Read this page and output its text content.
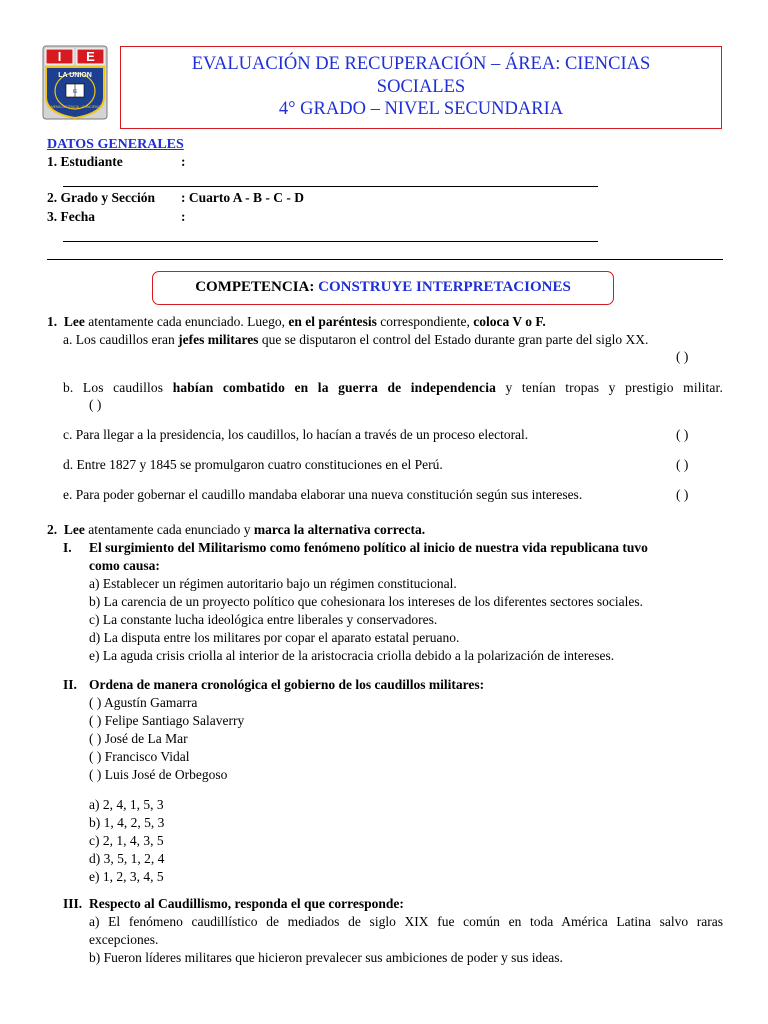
I E
LA UNION
IE
ALMENA DECENCIA · CONCIENCIA
EVALUACIÓN DE RECUPERACIÓN – ÁREA: CIENCIAS
SOCIALES
4° GRADO – NIVEL SECUNDARIA
DATOS GENERALES
1. Estudiante	:
2. Grado y Sección : Cuarto A - B - C - D
3. Fecha	:
COMPETENCIA: CONSTRUYE INTERPRETACIONES
1. Lee atentamente cada enunciado. Luego, en el paréntesis correspondiente, coloca V o F.
a. Los caudillos eran jefes militares que se disputaron el control del Estado durante gran parte del siglo XX.
( )
b. Los caudillos habían combatido en la guerra de independencia y tenían tropas y prestigio militar.
( )
c. Para llegar a la presidencia, los caudillos, lo hacían a través de un proceso electoral.	( )
d. Entre 1827 y 1845 se promulgaron cuatro constituciones en el Perú.	( )
e. Para poder gobernar el caudillo mandaba elaborar una nueva constitución según sus intereses.	( )
2. Lee atentamente cada enunciado y marca la alternativa correcta.
I. El surgimiento del Militarismo como fenómeno político al inicio de nuestra vida republicana tuvo
como causa:
a) Establecer un régimen autoritario bajo un régimen constitucional.
b) La carencia de un proyecto político que cohesionara los intereses de los diferentes sectores sociales.
c) La constante lucha ideológica entre liberales y conservadores.
d) La disputa entre los militares por copar el aparato estatal peruano.
e) La aguda crisis criolla al interior de la aristocracia criolla debido a la polarización de intereses.
II. Ordena de manera cronológica el gobierno de los caudillos militares:
( ) Agustín Gamarra
( ) Felipe Santiago Salaverry
( ) José de La Mar
( ) Francisco Vidal
( ) Luis José de Orbegoso
a) 2, 4, 1, 5, 3
b) 1, 4, 2, 5, 3
c) 2, 1, 4, 3, 5
d) 3, 5, 1, 2, 4
e) 1, 2, 3, 4, 5
III. Respecto al Caudillismo, responda el que corresponde:
a) El fenómeno caudillístico de mediados de siglo XIX fue común en toda América Latina salvo raras
excepciones.
b) Fueron líderes militares que hicieron prevalecer sus ambiciones de poder y sus ideas.
